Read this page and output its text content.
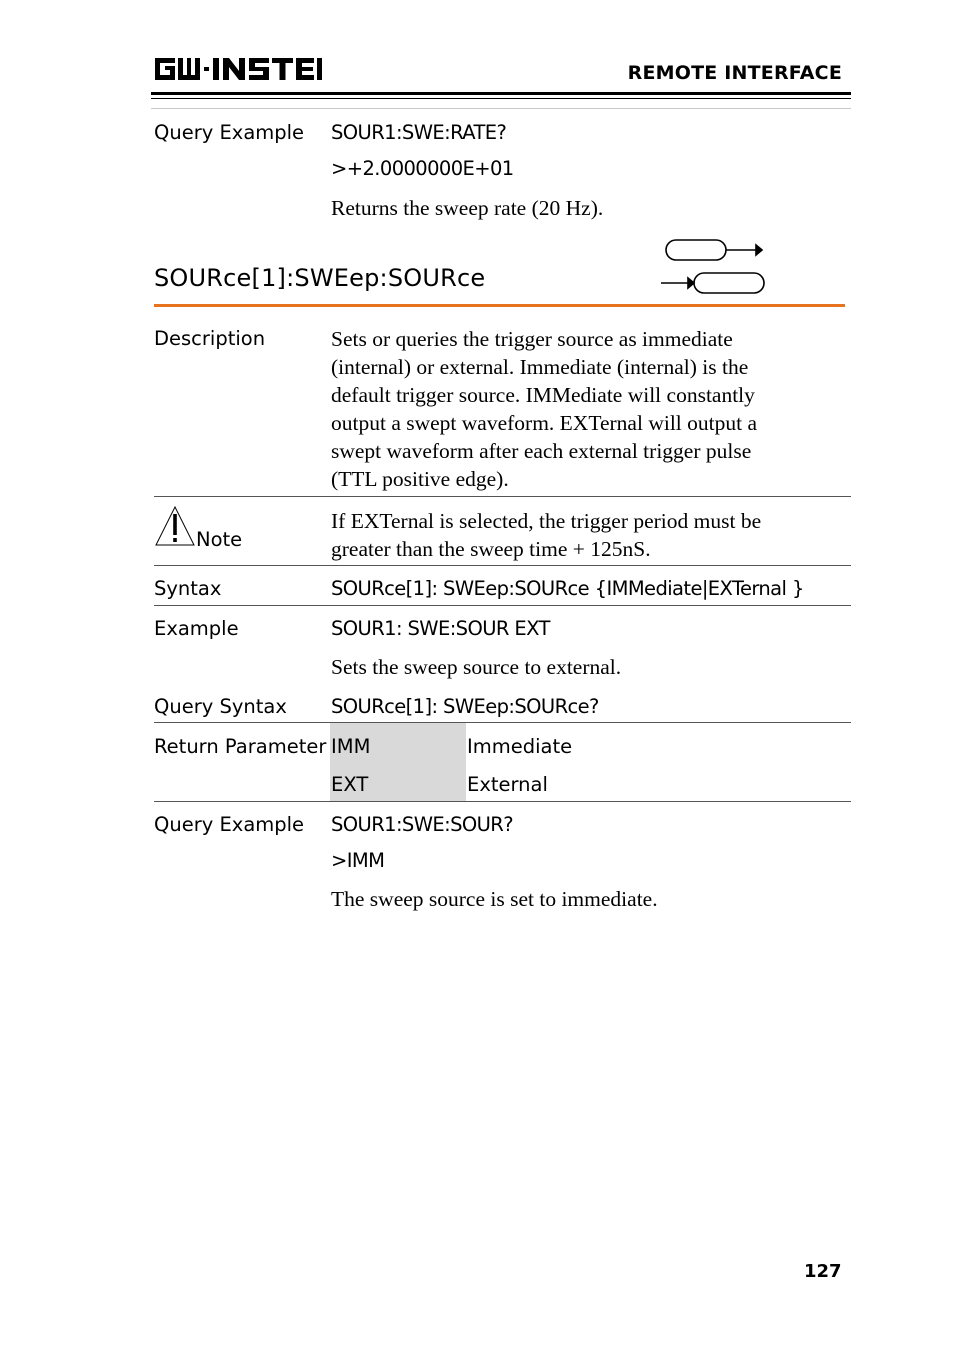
GW INSTEK
REMOTE INTERFACE
Query Example SOUR1:SWE:RATE?
>+2.0000000E+01
Returns the sweep rate (20 Hz).
SOURce[1]:SWEep:SOURce
Description	Sets or queries the trigger source as immediate
(internal) or external. Immediate (internal) is the
default trigger source. IMMediate will constantly
output a swept waveform. EXTernal will output a
swept waveform after each external trigger pulse
(TTL positive edge).
Note
If EXTernal is selected, the trigger period must be
greater than the sweep time + 125nS.
Syntax	SOURce[1]: SWEep:SOURce {IMMediate|EXTernal }
Example	SOUR1: SWE:SOUR EXT
Sets the sweep source to external.
Query Syntax SOURce[1]: SWEep:SOURce?
Return Parameter IMM	Immediate
EXT	External
Query Example SOUR1:SWE:SOUR?
>IMM
The sweep source is set to immediate.
127
